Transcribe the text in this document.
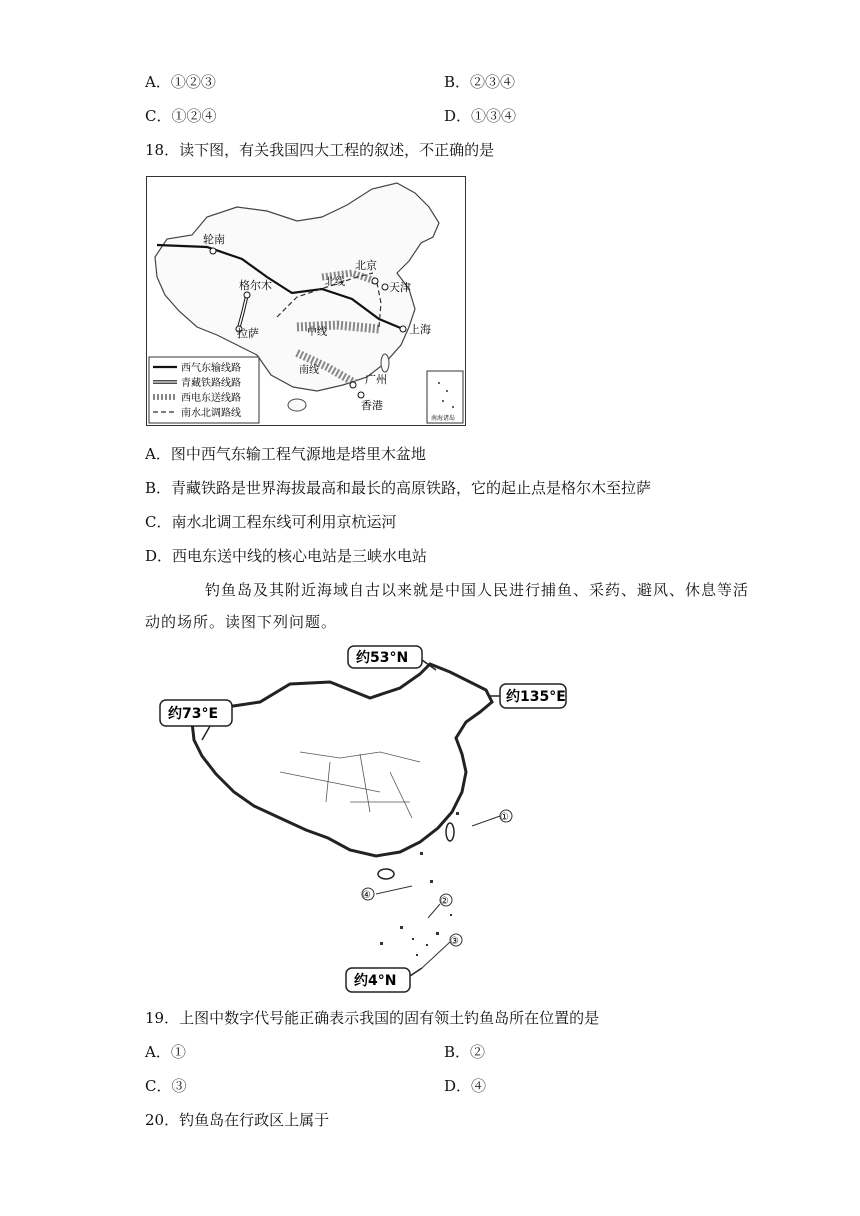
A．①②③	B．②③④
C．①②④	D．①③④
18．读下图，有关我国四大工程的叙述，不正确的是
轮南
格尔木
拉萨
北京
北线	天津
中线	上海
南线
广州
香港
西气东输线路
青藏铁路线路
西电东送线路
南水北调路线	南海诸岛
A．图中西气东输工程气源地是塔里木盆地
B．青藏铁路是世界海拔最高和最长的高原铁路，它的起止点是格尔木至拉萨
C．南水北调工程东线可利用京杭运河
D．西电东送中线的核心电站是三峡水电站
钓鱼岛及其附近海域自古以来就是中国人民进行捕鱼、采药、避风、休息等活
动的场所。读图下列问题。
①
②
③
④
约53°N
约135°E
约73°E
约4°N
19．上图中数字代号能正确表示我国的固有领土钓鱼岛所在位置的是
A．①	B．②
C．③	D．④
20．钓鱼岛在行政区上属于
